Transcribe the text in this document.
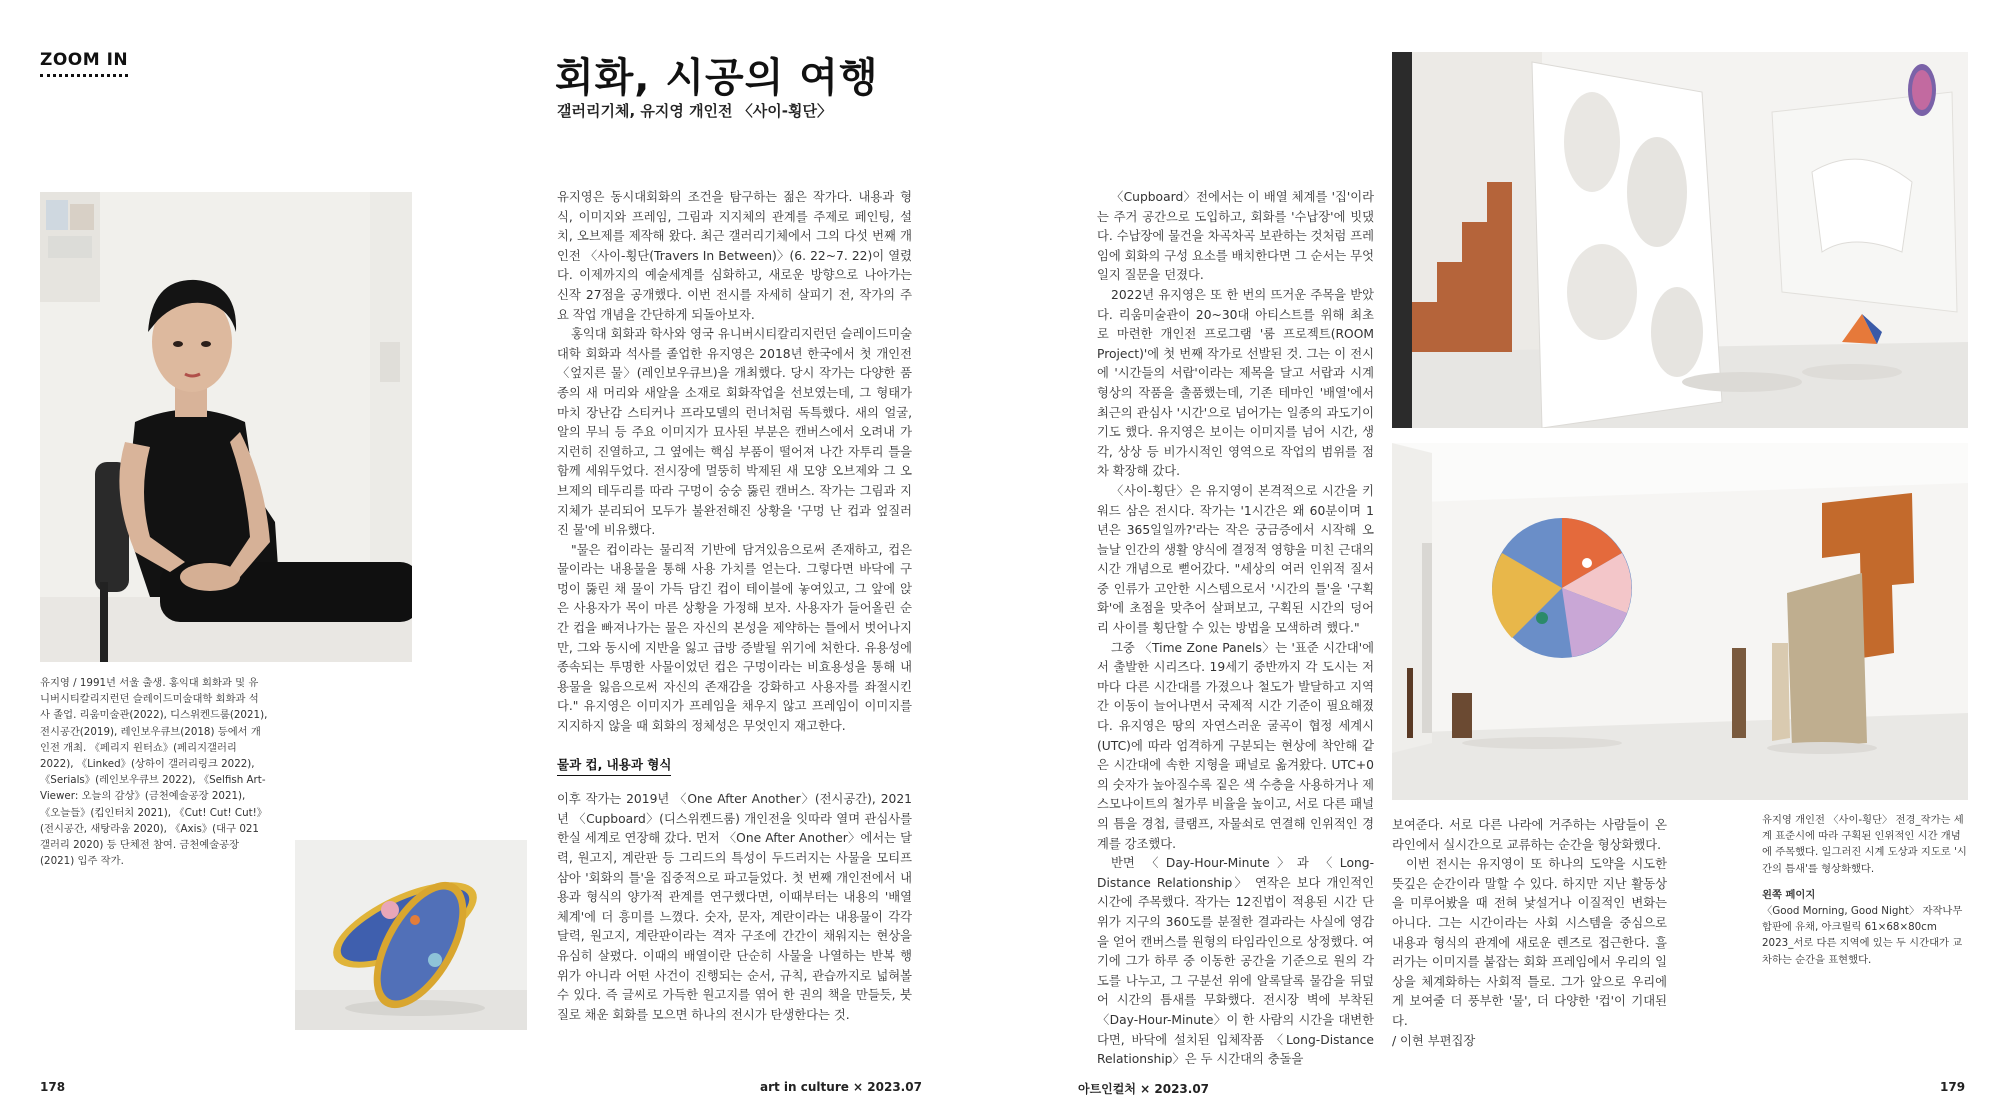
ZOOM IN	회화, 시공의 여행
갤러리기체, 유지영 개인전 〈사이-횡단〉
유지영 / 1991년 서울 출생. 홍익대 회화과 및 유니버시티칼리지런던 슬레이드미술대학 회화과 석사 졸업. 리움미술관(2022), 디스위켄드룸(2021), 전시공간(2019), 레인보우큐브(2018) 등에서 개인전 개최. 《페리지 윈터쇼》(페리지갤러리 2022), 《Linked》(상하이 갤러리링크 2022), 《Serials》(레인보우큐브 2022), 《Selfish Art-Viewer: 오늘의 감상》(금천예술공장 2021), 《오늘들》(킵인터치 2021), 《Cut! Cut! Cut!》(전시공간, 새탕라움 2020), 《Axis》(대구 021갤러리 2020) 등 단체전 참여. 금천예술공장(2021) 입주 작가.

유지영은 동시대회화의 조건을 탐구하는 젊은 작가다. 내용과 형식, 이미지와 프레임, 그림과 지지체의 관계를 주제로 페인팅, 설치, 오브제를 제작해 왔다. 최근 갤러리기체에서 그의 다섯 번째 개인전 〈사이-횡단(Travers In Between)〉(6. 22~7. 22)이 열렸다. 이제까지의 예술세계를 심화하고, 새로운 방향으로 나아가는 신작 27점을 공개했다. 이번 전시를 자세히 살피기 전, 작가의 주요 작업 개념을 간단하게 되돌아보자.

홍익대 회화과 학사와 영국 유니버시티칼리지런던 슬레이드미술대학 회화과 석사를 졸업한 유지영은 2018년 한국에서 첫 개인전 〈엎지른 물〉(레인보우큐브)을 개최했다. 당시 작가는 다양한 품종의 새 머리와 새알을 소재로 회화작업을 선보였는데, 그 형태가 마치 장난감 스티커나 프라모델의 런너처럼 독특했다. 새의 얼굴, 알의 무늬 등 주요 이미지가 묘사된 부분은 캔버스에서 오려내 가지런히 진열하고, 그 옆에는 핵심 부품이 떨어져 나간 자투리 틀을 함께 세워두었다. 전시장에 멀뚱히 박제된 새 모양 오브제와 그 오브제의 테두리를 따라 구멍이 숭숭 뚫린 캔버스. 작가는 그림과 지지체가 분리되어 모두가 불완전해진 상황을 '구멍 난 컵과 엎질러진 물'에 비유했다.

"물은 컵이라는 물리적 기반에 담겨있음으로써 존재하고, 컵은 물이라는 내용물을 통해 사용 가치를 얻는다. 그렇다면 바닥에 구멍이 뚫린 채 물이 가득 담긴 컵이 테이블에 놓여있고, 그 앞에 앉은 사용자가 목이 마른 상황을 가정해 보자. 사용자가 들어올린 순간 컵을 빠져나가는 물은 자신의 본성을 제약하는 틀에서 벗어나지만, 그와 동시에 지반을 잃고 급방 증발될 위기에 처한다. 유용성에 종속되는 투명한 사물이었던 컵은 구멍이라는 비효용성을 통해 내용물을 잃음으로써 자신의 존재감을 강화하고 사용자를 좌절시킨다." 유지영은 이미지가 프레임을 채우지 않고 프레임이 이미지를 지지하지 않을 때 회화의 정체성은 무엇인지 재고한다.

물과 컵, 내용과 형식

이후 작가는 2019년 〈One After Another〉(전시공간), 2021년 〈Cupboard〉(디스위켄드룸) 개인전을 잇따라 열며 관심사를 한실 세계로 연장해 갔다. 먼저 〈One After Another〉에서는 달력, 원고지, 계란판 등 그리드의 특성이 두드러지는 사물을 모티프 삼아 '회화의 틀'을 집중적으로 파고들었다. 첫 번째 개인전에서 내용과 형식의 양가적 관계를 연구했다면, 이때부터는 내용의 '배열 체계'에 더 흥미를 느꼈다. 숫자, 문자, 계란이라는 내용물이 각각 달력, 원고지, 계란판이라는 격자 구조에 간간이 채워지는 현상을 유심히 살폈다. 이때의 배열이란 단순히 사물을 나열하는 반복 행위가 아니라 어떤 사건이 진행되는 순서, 규칙, 관습까지로 넓혀볼 수 있다. 즉 글씨로 가득한 원고지를 엮어 한 권의 책을 만들듯, 붓질로 채운 회화를 모으면 하나의 전시가 탄생한다는 것.

〈Cupboard〉전에서는 이 배열 체계를 '집'이라는 주거 공간으로 도입하고, 회화를 '수납장'에 빗댔다. 수납장에 물건을 차곡차곡 보관하는 것처럼 프레임에 회화의 구성 요소를 배치한다면 그 순서는 무엇일지 질문을 던졌다.

2022년 유지영은 또 한 번의 뜨거운 주목을 받았다. 리움미술관이 20~30대 아티스트를 위해 최초로 마련한 개인전 프로그램 '룸 프로젝트(ROOM Project)'에 첫 번째 작가로 선발된 것. 그는 이 전시에 '시간들의 서랍'이라는 제목을 달고 서랍과 시계 형상의 작품을 출품했는데, 기존 테마인 '배열'에서 최근의 관심사 '시간'으로 넘어가는 일종의 과도기이기도 했다. 유지영은 보이는 이미지를 넘어 시간, 생각, 상상 등 비가시적인 영역으로 작업의 범위를 점차 확장해 갔다.

〈사이-횡단〉은 유지영이 본격적으로 시간을 키워드 삼은 전시다. 작가는 '1시간은 왜 60분이며 1년은 365일일까?'라는 작은 궁금증에서 시작해 오늘날 인간의 생활 양식에 결정적 영향을 미친 근대의 시간 개념으로 뻗어갔다. "세상의 여러 인위적 질서 중 인류가 고안한 시스템으로서 '시간의 틀'을 '구획화'에 초점을 맞추어 살펴보고, 구획된 시간의 덩어리 사이를 횡단할 수 있는 방법을 모색하려 했다."

그중 〈Time Zone Panels〉는 '표준 시간대'에서 출발한 시리즈다. 19세기 중반까지 각 도시는 저마다 다른 시간대를 가졌으나 철도가 발달하고 지역 간 이동이 늘어나면서 국제적 시간 기준이 필요해졌다. 유지영은 땅의 자연스러운 굴곡이 협정 세계시(UTC)에 따라 엄격하게 구분되는 현상에 착안해 같은 시간대에 속한 지형을 패널로 옮겨왔다. UTC+0의 숫자가 높아질수록 짙은 색 수층을 사용하거나 제스모나이트의 철가루 비율을 높이고, 서로 다른 패널의 틈을 경첩, 클램프, 자물쇠로 연결해 인위적인 경계를 강조했다.

반면 〈Day-Hour-Minute〉과 〈Long-Distance Relationship〉 연작은 보다 개인적인 시간에 주목했다. 작가는 12진법이 적용된 시간 단위가 지구의 360도를 분절한 결과라는 사실에 영감을 얻어 캔버스를 원형의 타임라인으로 상정했다. 여기에 그가 하루 중 이동한 공간을 기준으로 원의 각도를 나누고, 그 구분선 위에 알록달록 물감을 뒤덮어 시간의 틈새를 무화했다. 전시장 벽에 부착된 〈Day-Hour-Minute〉이 한 사람의 시간을 대변한다면, 바닥에 설치된 입체작품 〈Long-Distance Relationship〉은 두 시간대의 충돌을

보여준다. 서로 다른 나라에 거주하는 사람들이 온라인에서 실시간으로 교류하는 순간을 형상화했다.

이번 전시는 유지영이 또 하나의 도약을 시도한 뜻깊은 순간이라 말할 수 있다. 하지만 지난 활동상을 미루어봤을 때 전혀 낯설거나 이질적인 변화는 아니다. 그는 시간이라는 사회 시스템을 중심으로 내용과 형식의 관계에 새로운 렌즈로 접근한다. 흘러가는 이미지를 붙잡는 회화 프레임에서 우리의 일상을 체계화하는 사회적 틀로. 그가 앞으로 우리에게 보여줄 더 풍부한 '물', 더 다양한 '컵'이 기대된다.

/ 이현 부편집장

유지영 개인전 〈사이-횡단〉 전경_작가는 세계 표준시에 따라 구획된 인위적인 시간 개념에 주목했다. 일그러진 시계 도상과 지도로 '시간의 틈새'를 형상화했다.
왼쪽 페이지
〈Good Morning, Good Night〉 자작나무 합판에 유채, 아크릴릭 61×68×80cm 2023_서로 다른 지역에 있는 두 시간대가 교차하는 순간을 표현했다.
178	art in culture × 2023.07	아트인컬처 × 2023.07	179
